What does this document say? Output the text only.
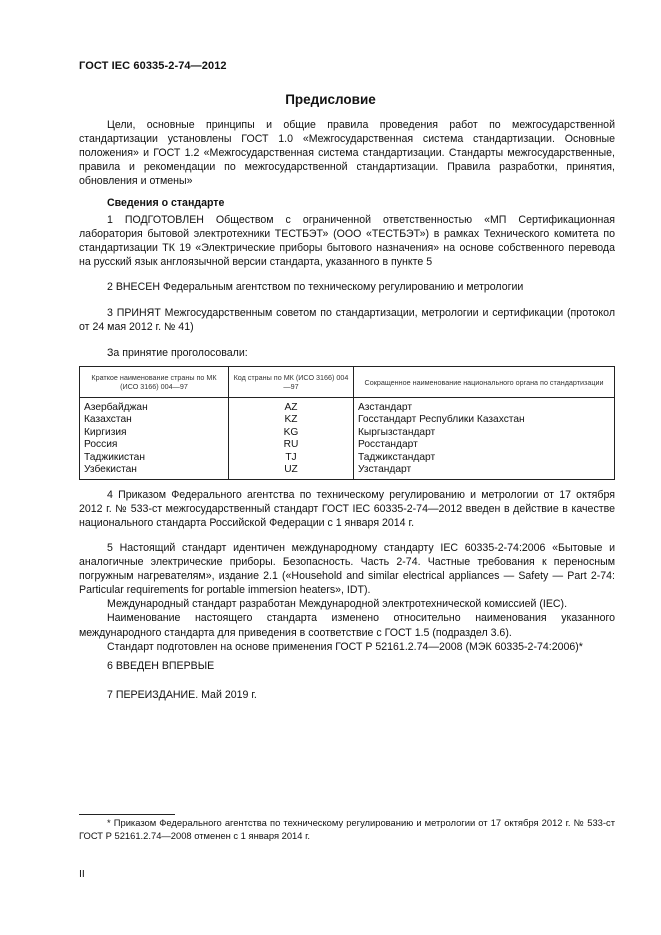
ГОСТ IEC 60335-2-74—2012
Предисловие
Цели, основные принципы и общие правила проведения работ по межгосударственной стандартизации установлены ГОСТ 1.0 «Межгосударственная система стандартизации. Основные положения» и ГОСТ 1.2 «Межгосударственная система стандартизации. Стандарты межгосударственные, правила и рекомендации по межгосударственной стандартизации. Правила разработки, принятия, обновления и отмены»
Сведения о стандарте
1 ПОДГОТОВЛЕН Обществом с ограниченной ответственностью «МП Сертификационная лаборатория бытовой электротехники ТЕСТБЭТ» (ООО «ТЕСТБЭТ») в рамках Технического комитета по стандартизации ТК 19 «Электрические приборы бытового назначения» на основе собственного перевода на русский язык англоязычной версии стандарта, указанного в пункте 5
2 ВНЕСЕН Федеральным агентством по техническому регулированию и метрологии
3 ПРИНЯТ Межгосударственным советом по стандартизации, метрологии и сертификации (протокол от 24 мая 2012 г. № 41)
За принятие проголосовали:
Краткое наименование страны по МК (ИСО 3166) 004—97	Код страны по МК (ИСО 3166) 004—97	Сокращенное наименование национального органа по стандартизации
Азербайджан	AZ	Азстандарт
Казахстан	KZ	Госстандарт Республики Казахстан
Киргизия	KG	Кыргызстандарт
Россия	RU	Росстандарт
Таджикистан	TJ	Таджикстандарт
Узбекистан	UZ	Узстандарт
4 Приказом Федерального агентства по техническому регулированию и метрологии от 17 октября 2012 г. № 533-ст межгосударственный стандарт ГОСТ IEC 60335-2-74—2012 введен в действие в качестве национального стандарта Российской Федерации с 1 января 2014 г.

5 Настоящий стандарт идентичен международному стандарту IEC 60335-2-74:2006 «Бытовые и аналогичные электрические приборы. Безопасность. Часть 2-74. Частные требования к переносным погружным нагревателям», издание 2.1 («Household and similar electrical appliances — Safety — Part 2-74: Particular requirements for portable immersion heaters», IDT).

Международный стандарт разработан Международной электротехнической комиссией (IEC).

Наименование настоящего стандарта изменено относительно наименования указанного международного стандарта для приведения в соответствие с ГОСТ 1.5 (подраздел 3.6).

Стандарт подготовлен на основе применения ГОСТ Р 52161.2.74—2008 (МЭК 60335-2-74:2006)*

6 ВВЕДЕН ВПЕРВЫЕ
7 ПЕРЕИЗДАНИЕ. Май 2019 г.
* Приказом Федерального агентства по техническому регулированию и метрологии от 17 октября 2012 г. № 533-ст ГОСТ Р 52161.2.74—2008 отменен с 1 января 2014 г.
II
